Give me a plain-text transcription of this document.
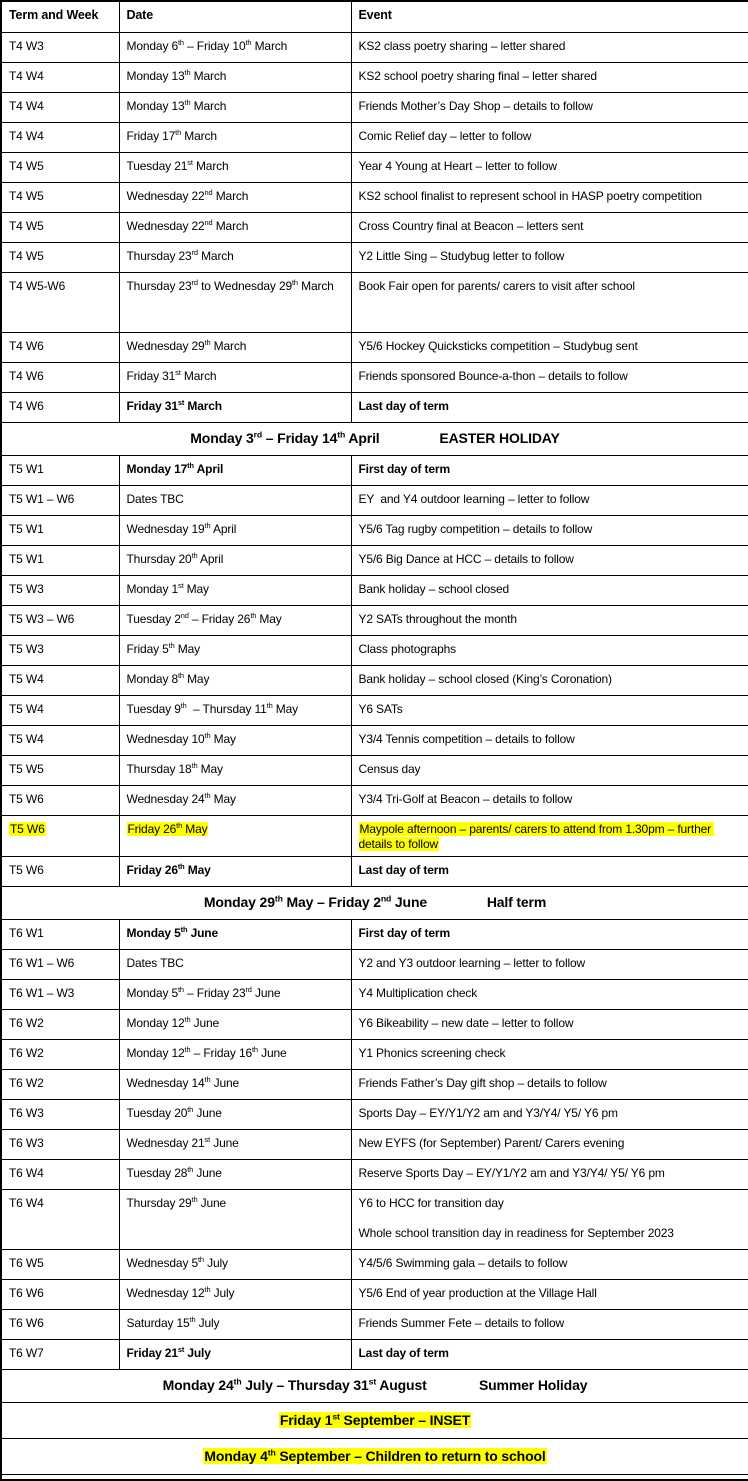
Term and Week	Date	Event
T4 W3	Monday 6th – Friday 10th March	KS2 class poetry sharing – letter shared
T4 W4	Monday 13th March	KS2 school poetry sharing final – letter shared
T4 W4	Monday 13th March	Friends Mother’s Day Shop – details to follow
T4 W4	Friday 17th March	Comic Relief day – letter to follow
T4 W5	Tuesday 21st March	Year 4 Young at Heart – letter to follow
T4 W5	Wednesday 22nd March	KS2 school finalist to represent school in HASP poetry competition
T4 W5	Wednesday 22nd March	Cross Country final at Beacon – letters sent
T4 W5	Thursday 23rd March	Y2 Little Sing – Studybug letter to follow
T4 W5-W6	Thursday 23rd to Wednesday 29th March	Book Fair open for parents/ carers to visit after school
T4 W6	Wednesday 29th March	Y5/6 Hockey Quicksticks competition – Studybug sent
T4 W6	Friday 31st March	Friends sponsored Bounce-a-thon – details to follow
T4 W6	Friday 31st March	Last day of term
Monday 3rd – Friday 14th April                EASTER HOLIDAY		
T5 W1	Monday 17th April	First day of term
T5 W1 – W6	Dates TBC	EY  and Y4 outdoor learning – letter to follow
T5 W1	Wednesday 19th April	Y5/6 Tag rugby competition – details to follow
T5 W1	Thursday 20th April	Y5/6 Big Dance at HCC – details to follow
T5 W3	Monday 1st May	Bank holiday – school closed
T5 W3 – W6	Tuesday 2nd – Friday 26th May	Y2 SATs throughout the month
T5 W3	Friday 5th May	Class photographs
T5 W4	Monday 8th May	Bank holiday – school closed (King’s Coronation)
T5 W4	Tuesday 9th  – Thursday 11th May	Y6 SATs
T5 W4	Wednesday 10th May	Y3/4 Tennis competition – details to follow
T5 W5	Thursday 18th May	Census day
T5 W6	Wednesday 24th May	Y3/4 Tri-Golf at Beacon – details to follow
T5 W6	Friday 26th May	Maypole afternoon – parents/ carers to attend from 1.30pm – further details to follow
T5 W6	Friday 26th May	Last day of term
Monday 29th May – Friday 2nd June                Half term		
T6 W1	Monday 5th June	First day of term
T6 W1 – W6	Dates TBC	Y2 and Y3 outdoor learning – letter to follow
T6 W1 – W3	Monday 5th – Friday 23rd June	Y4 Multiplication check
T6 W2	Monday 12th June	Y6 Bikeability – new date – letter to follow
T6 W2	Monday 12th – Friday 16th June	Y1 Phonics screening check
T6 W2	Wednesday 14th June	Friends Father’s Day gift shop – details to follow
T6 W3	Tuesday 20th June	Sports Day – EY/Y1/Y2 am and Y3/Y4/ Y5/ Y6 pm
T6 W3	Wednesday 21st June	New EYFS (for September) Parent/ Carers evening
T6 W4	Tuesday 28th June	Reserve Sports Day – EY/Y1/Y2 am and Y3/Y4/ Y5/ Y6 pm
T6 W4	Thursday 29th June	Y6 to HCC for transition day

Whole school transition day in readiness for September 2023
T6 W5	Wednesday 5th July	Y4/5/6 Swimming gala – details to follow
T6 W6	Wednesday 12th July	Y5/6 End of year production at the Village Hall
T6 W6	Saturday 15th July	Friends Summer Fete – details to follow
T6 W7	Friday 21st July	Last day of term
Monday 24th July – Thursday 31st August              Summer Holiday		
Friday 1st September – INSET		
Monday 4th September – Children to return to school		
